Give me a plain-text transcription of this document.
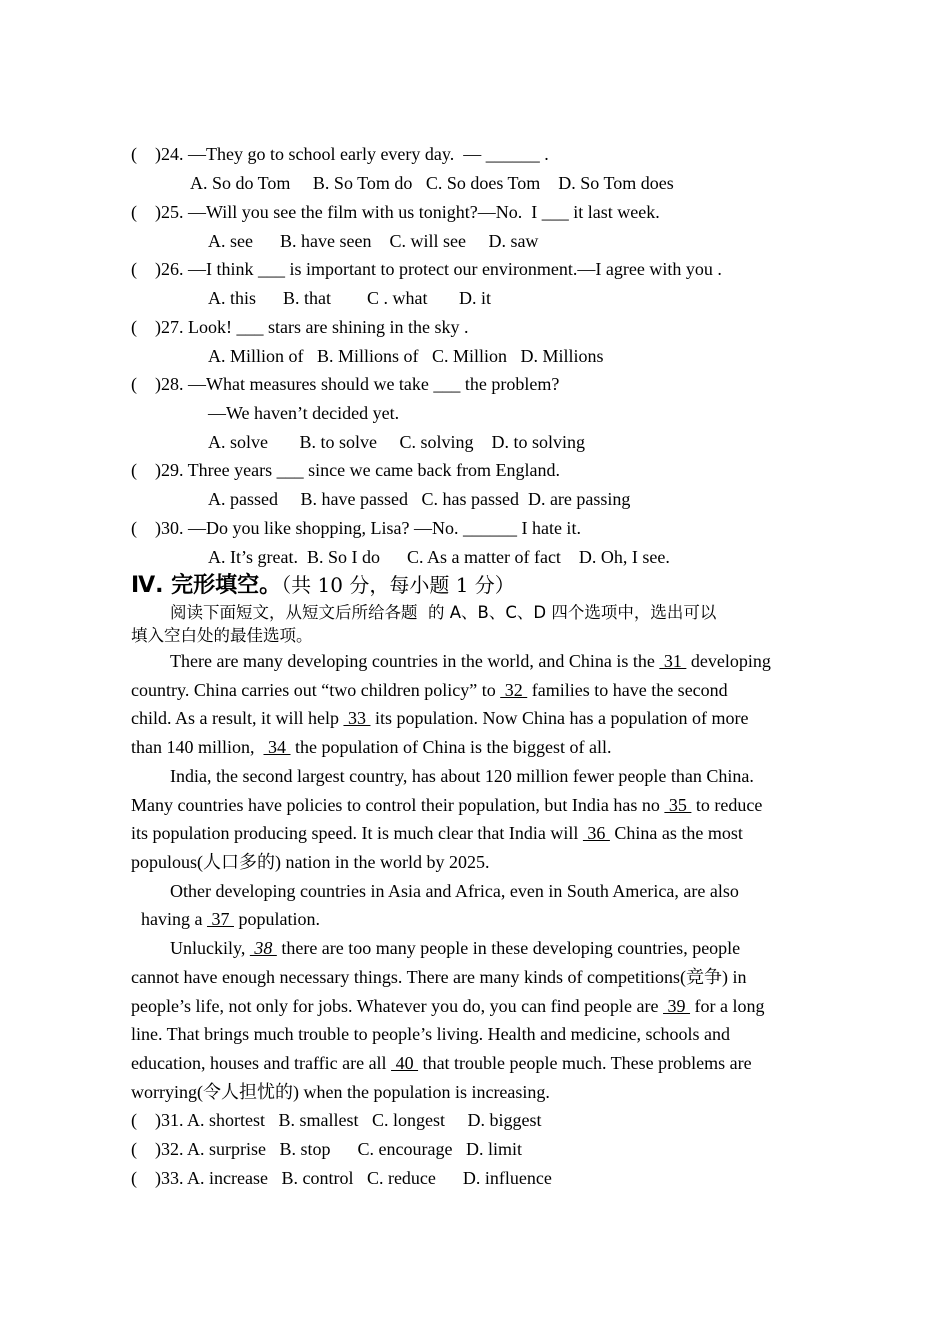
(    )24. —They go to school early every day.  — ______ .
A. So do Tom     B. So Tom do   C. So does Tom    D. So Tom does
(    )25. —Will you see the film with us tonight?—No.  I ___ it last week.
A. see      B. have seen    C. will see     D. saw
(    )26. —I think ___ is important to protect our environment.—I agree with you .
A. this      B. that        C . what       D. it
(    )27. Look! ___ stars are shining in the sky .
A. Million of   B. Millions of   C. Million   D. Millions
(    )28. —What measures should we take ___ the problem?
—We haven’t decided yet.
A. solve       B. to solve     C. solving    D. to solving
(    )29. Three years ___ since we came back from England.
A. passed     B. have passed   C. has passed  D. are passing
(    )30. —Do you like shopping, Lisa? —No. ______ I hate it.
A. It’s great.  B. So I do      C. As a matter of fact    D. Oh, I see.
Ⅳ. 完形填空。（共 10 分，每小题 1 分）
阅读下面短文，从短文后所给各题  的 A、B、C、D 四个选项中，选出可以
填入空白处的最佳选项。
There are many developing countries in the world, and China is the  31  developing
country. China carries out “two children policy” to  32  families to have the second
child. As a result, it will help  33  its population. Now China has a population of more
than 140 million,   34  the population of China is the biggest of all.
India, the second largest country, has about 120 million fewer people than China.
Many countries have policies to control their population, but India has no  35  to reduce
its population producing speed. It is much clear that India will  36  China as the most
populous(人口多的) nation in the world by 2025.
Other developing countries in Asia and Africa, even in South America, are also
having a  37  population.
Unluckily,  38  there are too many people in these developing countries, people
cannot have enough necessary things. There are many kinds of competitions(竞争) in
people’s life, not only for jobs. Whatever you do, you can find people are  39  for a long
line. That brings much trouble to people’s living. Health and medicine, schools and
education, houses and traffic are all  40  that trouble people much. These problems are
worrying(令人担忧的) when the population is increasing.
(    )31. A. shortest   B. smallest   C. longest     D. biggest
(    )32. A. surprise   B. stop      C. encourage   D. limit
(    )33. A. increase   B. control   C. reduce      D. influence
